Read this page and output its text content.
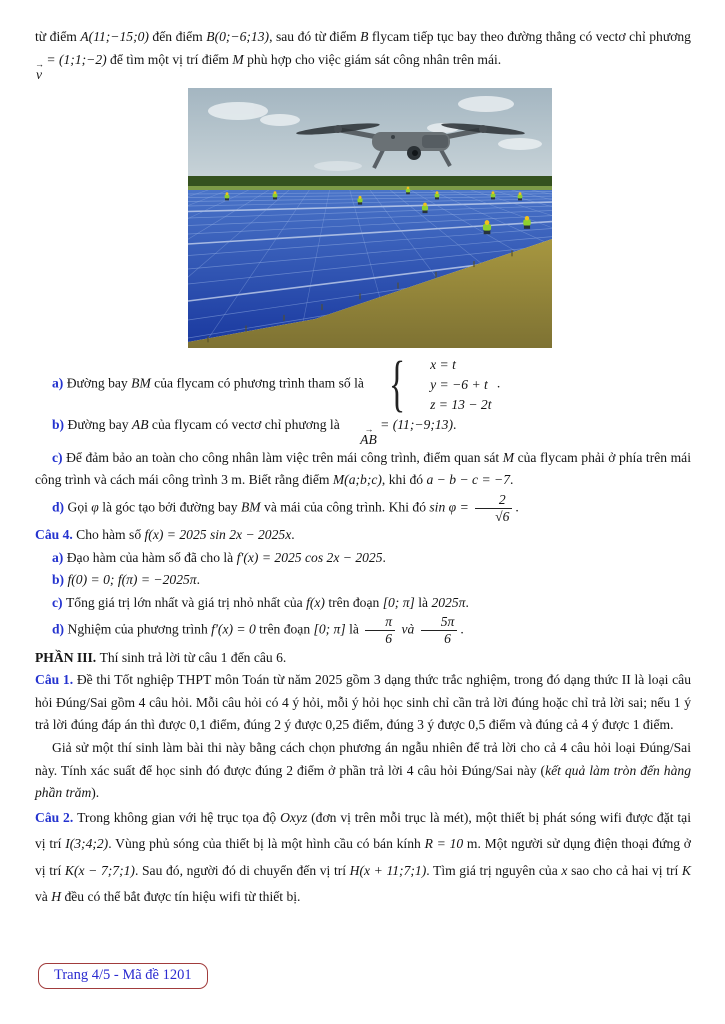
từ điểm A(11;−15;0) đến điểm B(0;−6;13), sau đó từ điểm B flycam tiếp tục bay theo đường thẳng có vectơ chỉ phương
→
v
= (1;1;−2) để tìm một vị trí điểm M phù hợp cho việc giám sát công nhân trên mái.

a) Đường bay BM của flycam có phương trình tham số là {	x = t
y = −6 + t
z = 13 − 2t
.

b) Đường bay AB của flycam có vectơ chỉ phương là	→
AB
= (11;−9;13).

c) Để đảm bảo an toàn cho công nhân làm việc trên mái công trình, điểm quan sát M của flycam phải ở phía trên mái công trình và cách mái công trình 3 m. Biết rằng điểm M(a;b;c), khi đó a − b − c = −7.

d) Gọi φ là góc tạo bởi đường bay BM và mái của công trình. Khi đó $\sin \varphi = \frac{2}{√6}$ .

Câu 4. Cho hàm số f(x) = 2025 sin 2x − 2025x.

a) Đạo hàm của hàm số đã cho là f′(x) = 2025 cos 2x − 2025.

b) f(0) = 0; f(π) = −2025π.

c) Tổng giá trị lớn nhất và giá trị nhỏ nhất của f(x) trên đoạn [0; π] là 2025π.

d) Nghiệm của phương trình f′(x) = 0 trên đoạn [0; π] là $\frac{\pi}{6}$ và $\frac{5\pi}{6}$ .

PHẦN III. Thí sinh trả lời từ câu 1 đến câu 6.

Câu 1. Đề thi Tốt nghiệp THPT môn Toán từ năm 2025 gồm 3 dạng thức trắc nghiệm, trong đó dạng thức II là loại câu hỏi Đúng/Sai gồm 4 câu hỏi. Mỗi câu hỏi có 4 ý hỏi, mỗi ý hỏi học sinh chỉ cần trả lời đúng hoặc chỉ trả lời sai; nếu 1 ý trả lời đúng đáp án thì được 0,1 điểm, đúng 2 ý được 0,25 điểm, đúng 3 ý được 0,5 điểm và đúng cả 4 ý được 1 điểm.

Giả sử một thí sinh làm bài thi này bằng cách chọn phương án ngẫu nhiên để trả lời cho cả 4 câu hỏi loại Đúng/Sai này. Tính xác suất để học sinh đó được đúng 2 điểm ở phần trả lời 4 câu hỏi Đúng/Sai này (kết quả làm tròn đến hàng phần trăm).

Câu 2. Trong không gian với hệ trục tọa độ Oxyz (đơn vị trên mỗi trục là mét), một thiết bị phát sóng wifi được đặt tại vị trí I(3;4;2). Vùng phủ sóng của thiết bị là một hình cầu có bán kính R = 10 m. Một người sử dụng điện thoại đứng ở vị trí K(x − 7;7;1). Sau đó, người đó di chuyển đến vị trí H(x + 11;7;1). Tìm giá trị nguyên của x sao cho cả hai vị trí K và H đều có thể bắt được tín hiệu wifi từ thiết bị.

Trang 4/5 - Mã đề 1201
